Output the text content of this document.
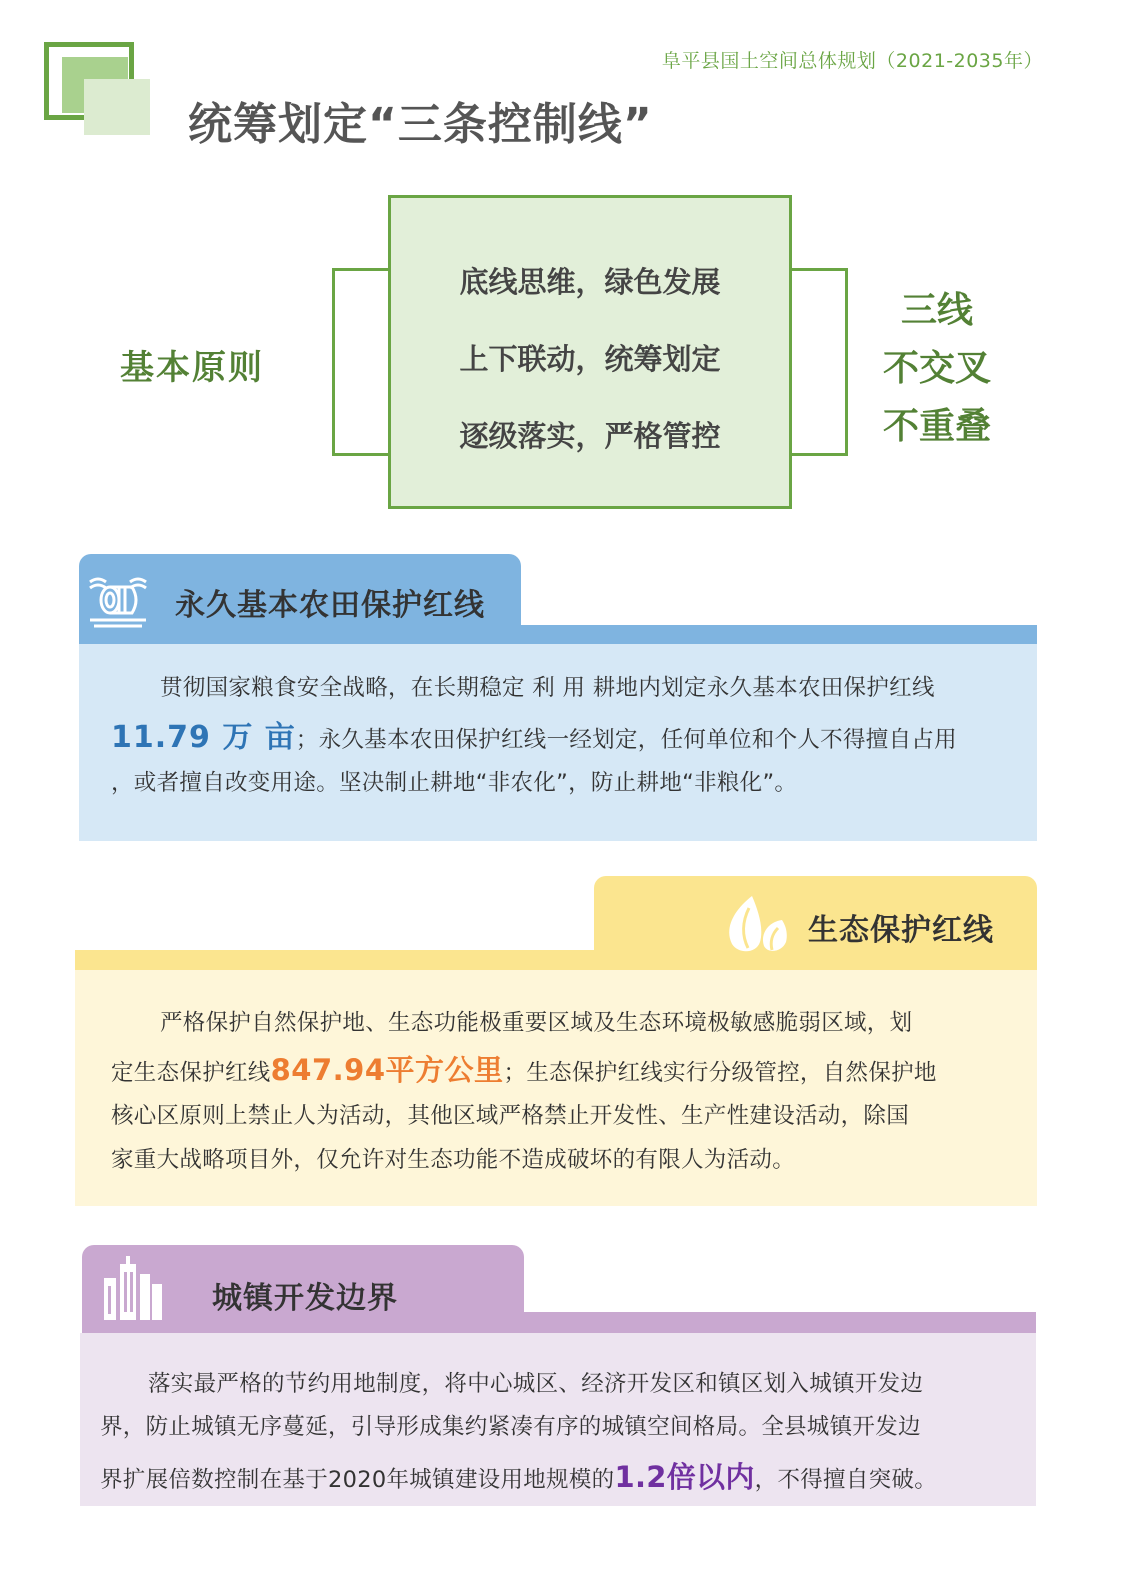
阜平县国土空间总体规划（2021-2035年）
统筹划定“三条控制线”
基本原则
底线思维，绿色发展
上下联动，统筹划定
逐级落实，严格管控
三线
不交叉
不重叠
永久基本农田保护红线
贯彻国家粮食安全战略，在长期稳定 利 用 耕地内划定永久基本农田保护红线
11.79 万 亩；永久基本农田保护红线一经划定，任何单位和个人不得擅自占用
，或者擅自改变用途。坚决制止耕地“非农化”，防止耕地“非粮化”。
生态保护红线
严格保护自然保护地、生态功能极重要区域及生态环境极敏感脆弱区域，划
定生态保护红线847.94平方公里；生态保护红线实行分级管控，自然保护地
核心区原则上禁止人为活动，其他区域严格禁止开发性、生产性建设活动，除国
家重大战略项目外，仅允许对生态功能不造成破坏的有限人为活动。
城镇开发边界
落实最严格的节约用地制度，将中心城区、经济开发区和镇区划入城镇开发边
界，防止城镇无序蔓延，引导形成集约紧凑有序的城镇空间格局。全县城镇开发边
界扩展倍数控制在基于2020年城镇建设用地规模的1.2倍以内，不得擅自突破。
